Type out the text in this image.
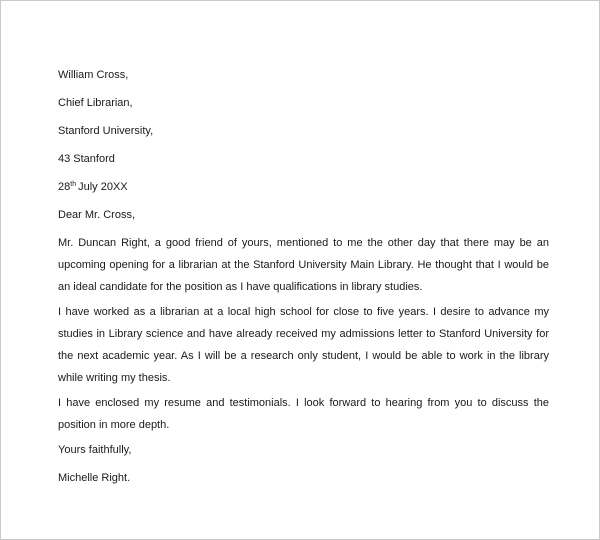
William Cross,

Chief Librarian,

Stanford University,

43 Stanford

28th July 20XX

Dear Mr. Cross,

Mr. Duncan Right, a good friend of yours, mentioned to me the other day that there may be an upcoming opening for a librarian at the Stanford University Main Library. He thought that I would be an ideal candidate for the position as I have qualifications in library studies.

I have worked as a librarian at a local high school for close to five years. I desire to advance my studies in Library science and have already received my admissions letter to Stanford University for the next academic year. As I will be a research only student, I would be able to work in the library while writing my thesis.

I have enclosed my resume and testimonials. I look forward to hearing from you to discuss the position in more depth.

Yours faithfully,

Michelle Right.
